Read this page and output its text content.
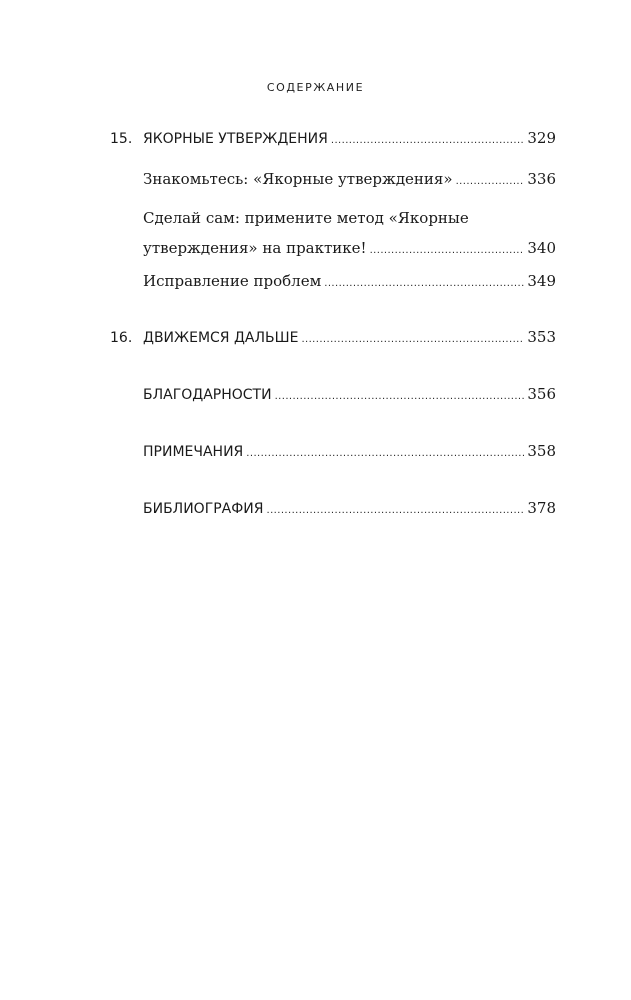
СОДЕРЖАНИЕ
15. ЯКОРНЫЕ УТВЕРЖДЕНИЯ .....	329
Знакомьтесь: «Якорные утверждения» .....	336
Сделай сам: примените метод «Якорные
утверждения» на практике! .....	340
Исправление проблем .....	349
16. ДВИЖЕМСЯ ДАЛЬШЕ .....	353
БЛАГОДАРНОСТИ .....	356
ПРИМЕЧАНИЯ .....	358
БИБЛИОГРАФИЯ .....	378
